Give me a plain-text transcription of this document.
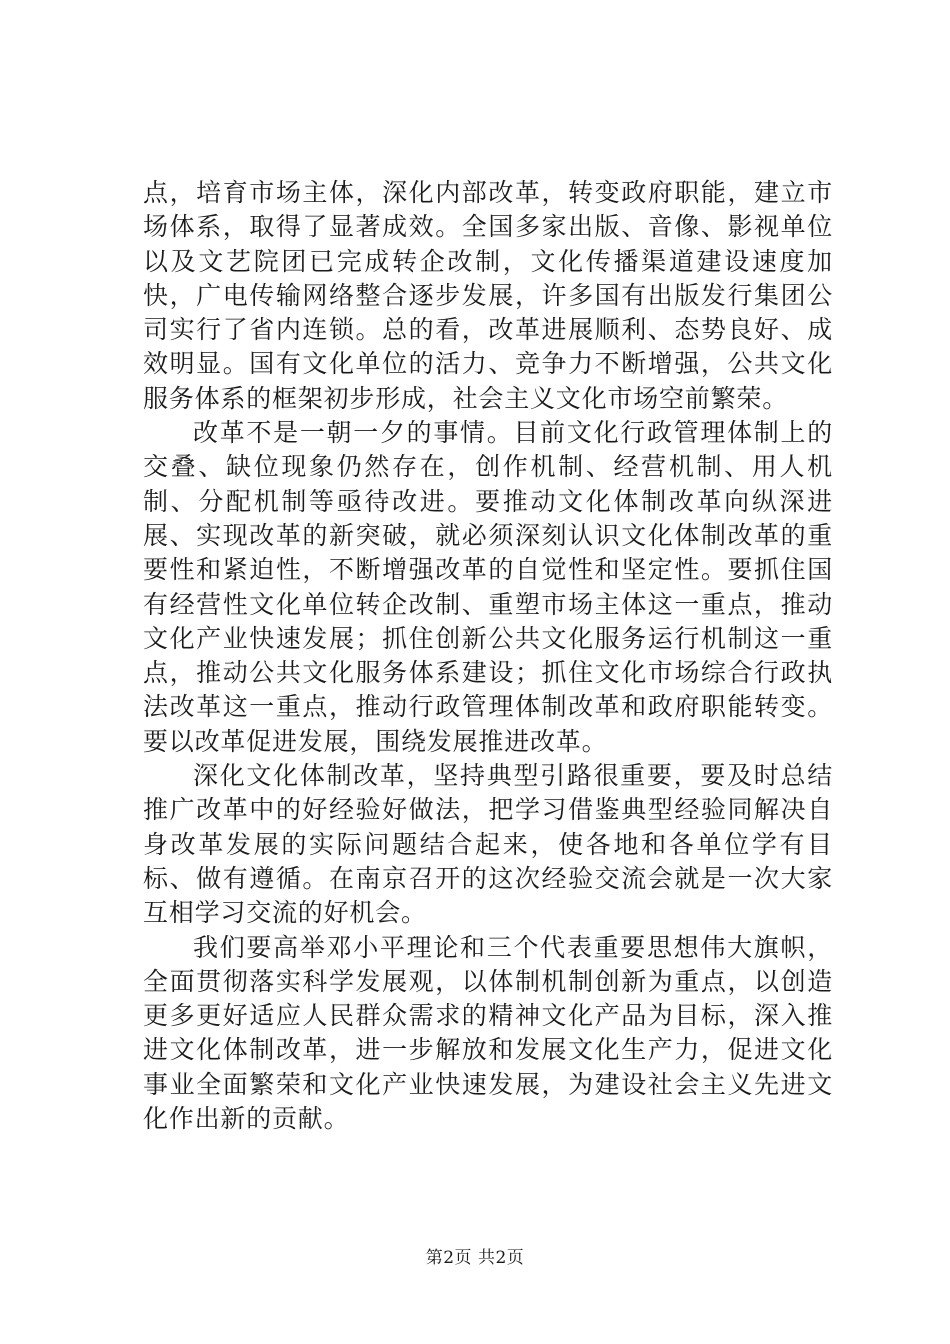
点，培育市场主体，深化内部改革，转变政府职能，建立市场体系，取得了显著成效。全国多家出版、音像、影视单位以及文艺院团已完成转企改制，文化传播渠道建设速度加快，广电传输网络整合逐步发展，许多国有出版发行集团公司实行了省内连锁。总的看，改革进展顺利、态势良好、成效明显。国有文化单位的活力、竞争力不断增强，公共文化服务体系的框架初步形成，社会主义文化市场空前繁荣。

改革不是一朝一夕的事情。目前文化行政管理体制上的交叠、缺位现象仍然存在，创作机制、经营机制、用人机制、分配机制等亟待改进。要推动文化体制改革向纵深进展、实现改革的新突破，就必须深刻认识文化体制改革的重要性和紧迫性，不断增强改革的自觉性和坚定性。要抓住国有经营性文化单位转企改制、重塑市场主体这一重点，推动文化产业快速发展；抓住创新公共文化服务运行机制这一重点，推动公共文化服务体系建设；抓住文化市场综合行政执法改革这一重点，推动行政管理体制改革和政府职能转变。要以改革促进发展，围绕发展推进改革。

深化文化体制改革，坚持典型引路很重要，要及时总结推广改革中的好经验好做法，把学习借鉴典型经验同解决自身改革发展的实际问题结合起来，使各地和各单位学有目标、做有遵循。在南京召开的这次经验交流会就是一次大家互相学习交流的好机会。

我们要高举邓小平理论和三个代表重要思想伟大旗帜，全面贯彻落实科学发展观，以体制机制创新为重点，以创造更多更好适应人民群众需求的精神文化产品为目标，深入推进文化体制改革，进一步解放和发展文化生产力，促进文化事业全面繁荣和文化产业快速发展，为建设社会主义先进文化作出新的贡献。

第2页 共2页
